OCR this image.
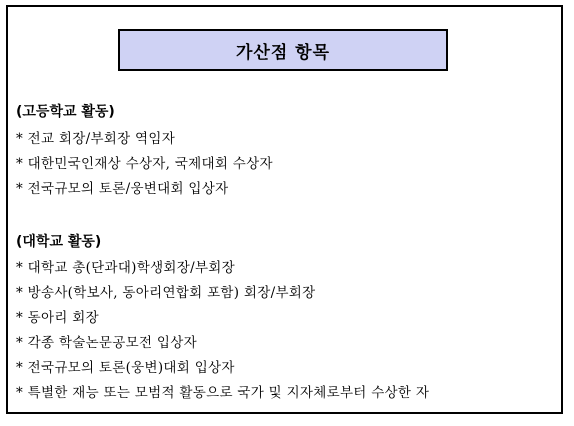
가산점 항목
(고등학교 활동)
* 전교 회장/부회장 역임자
* 대한민국인재상 수상자, 국제대회 수상자
* 전국규모의 토론/웅변대회 입상자
(대학교 활동)
* 대학교 총(단과대)학생회장/부회장
* 방송사(학보사, 동아리연합회 포함) 회장/부회장
* 동아리 회장
* 각종 학술논문공모전 입상자
* 전국규모의 토론(웅변)대회 입상자
* 특별한 재능 또는 모범적 활동으로 국가 및 지자체로부터 수상한 자
